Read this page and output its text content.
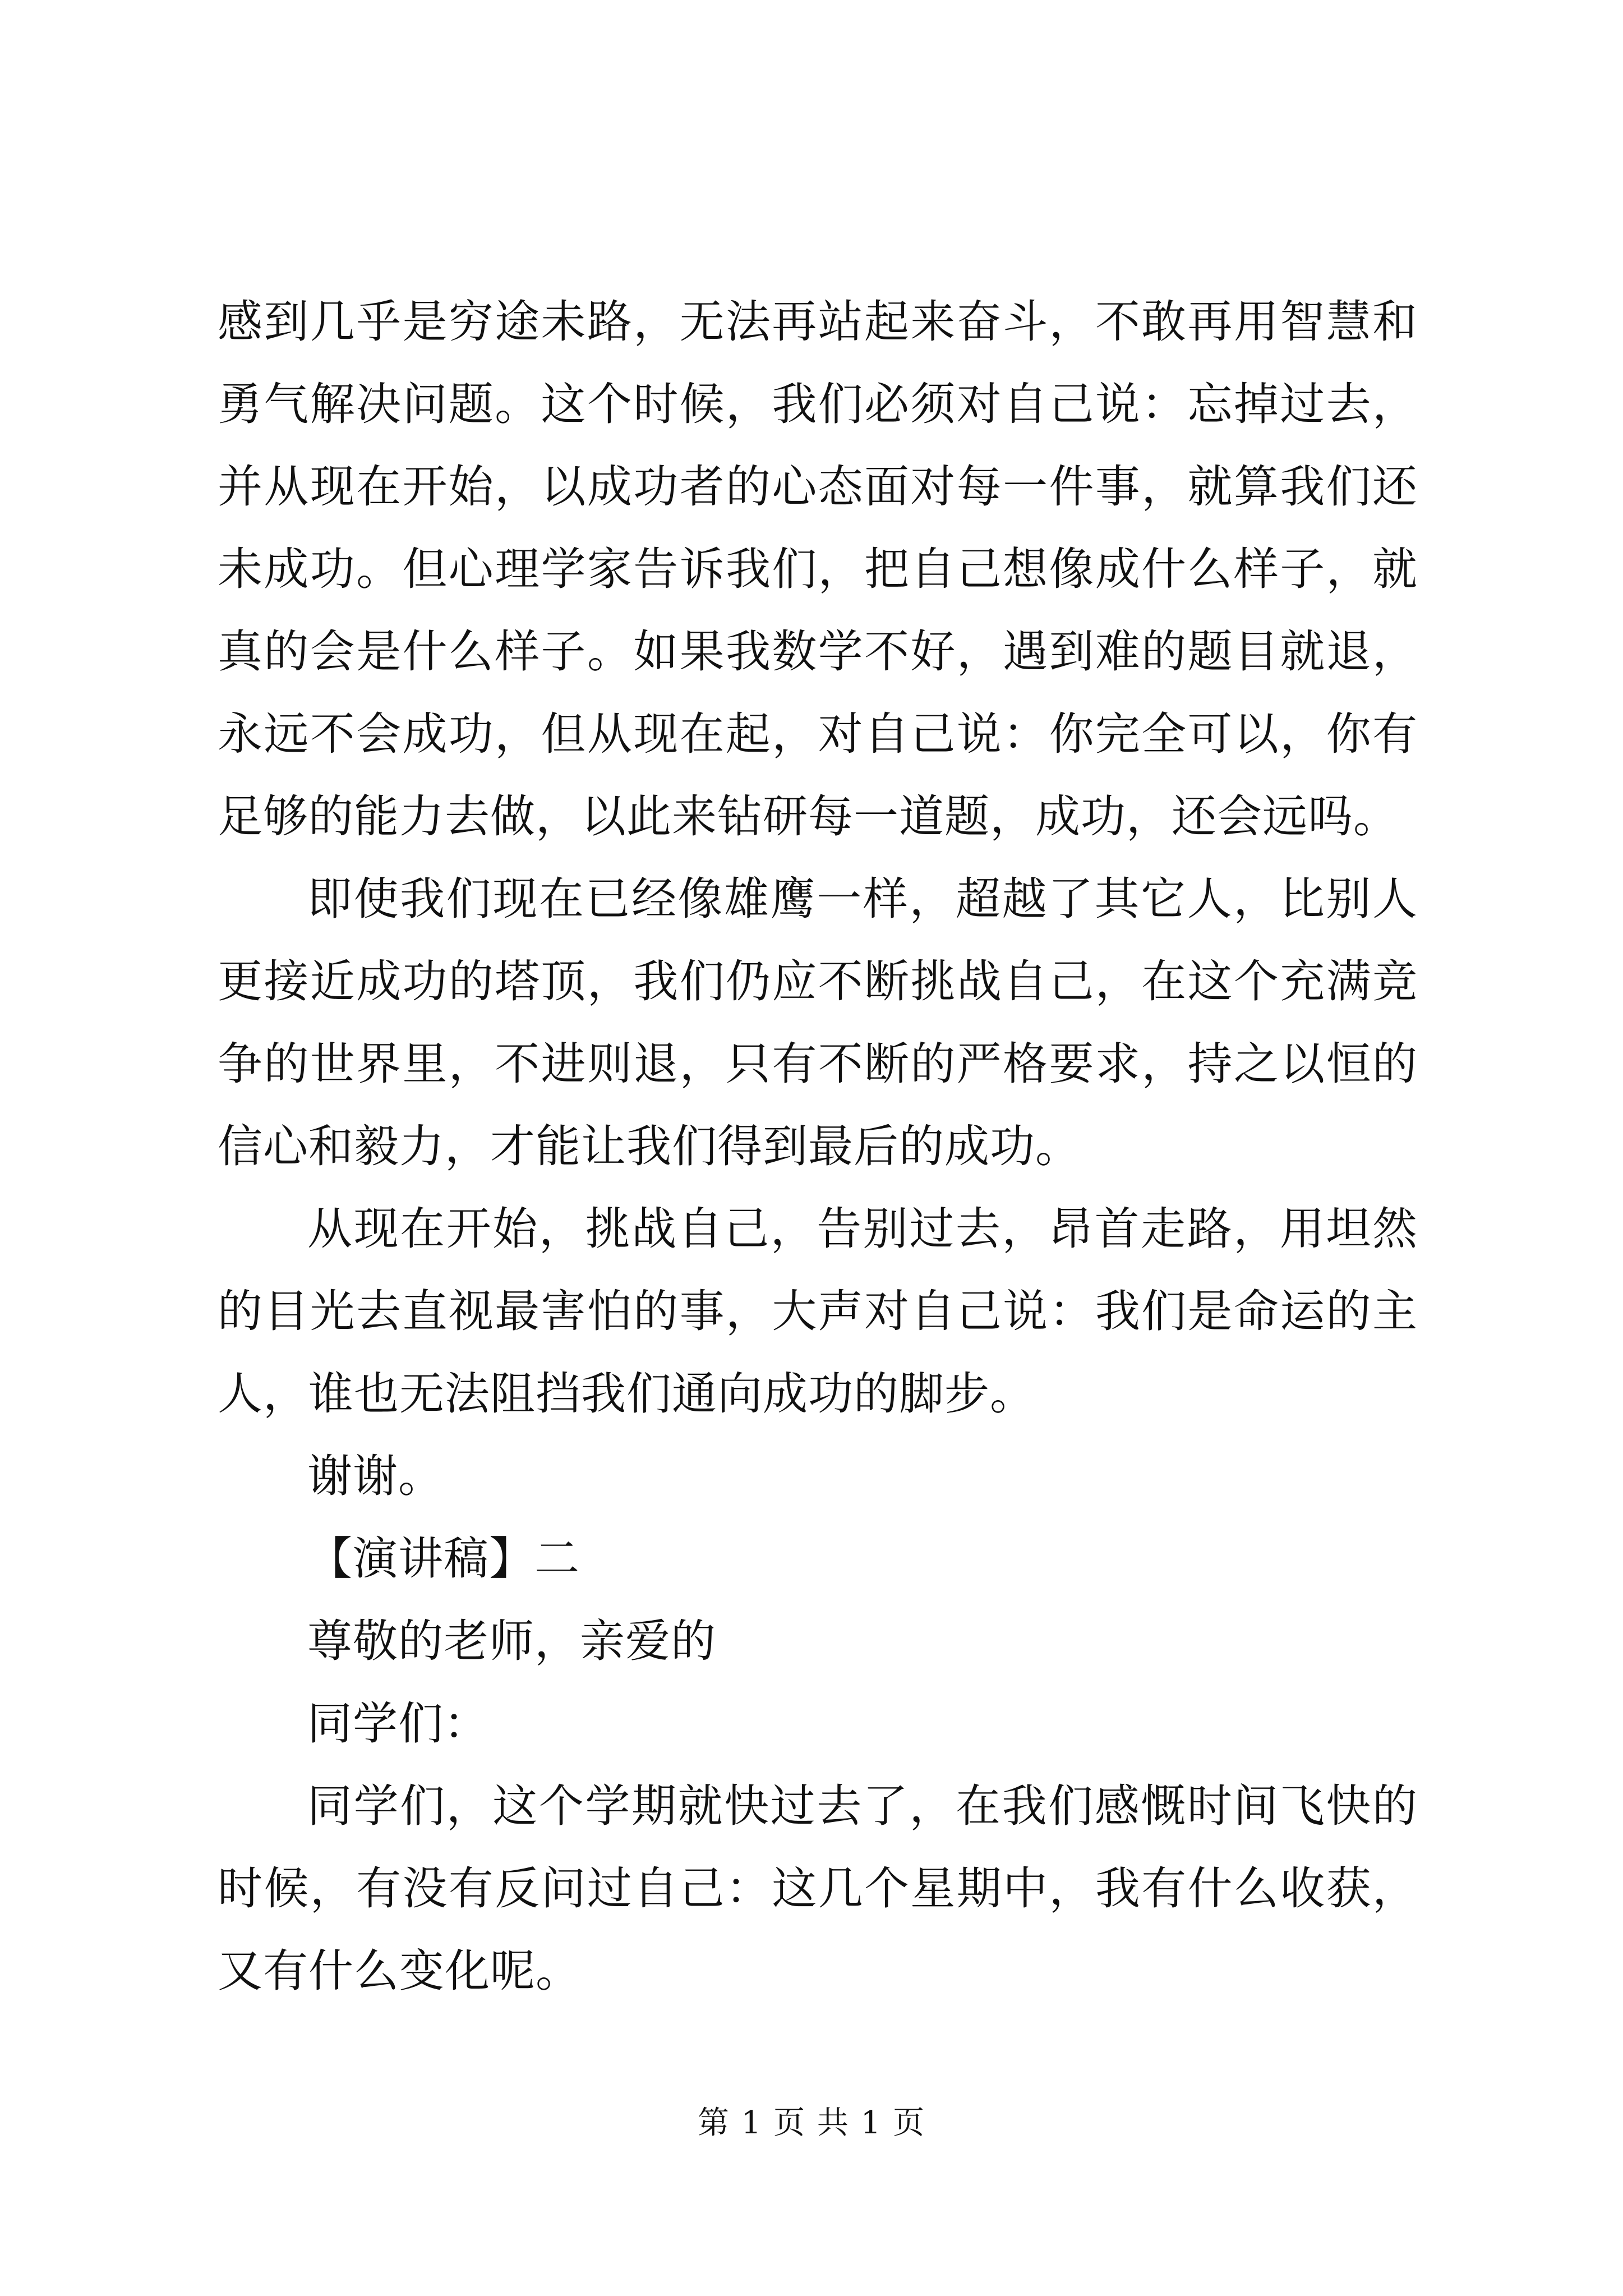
感到几乎是穷途未路，无法再站起来奋斗，不敢再用智慧和勇气解决问题。这个时候，我们必须对自己说：忘掉过去，并从现在开始，以成功者的心态面对每一件事，就算我们还未成功。但心理学家告诉我们，把自己想像成什么样子，就真的会是什么样子。如果我数学不好，遇到难的题目就退，永远不会成功，但从现在起，对自己说：你完全可以，你有足够的能力去做，以此来钻研每一道题，成功，还会远吗。

即使我们现在已经像雄鹰一样，超越了其它人，比别人更接近成功的塔顶，我们仍应不断挑战自己，在这个充满竞争的世界里，不进则退，只有不断的严格要求，持之以恒的信心和毅力，才能让我们得到最后的成功。

从现在开始，挑战自己，告别过去，昂首走路，用坦然的目光去直视最害怕的事，大声对自己说：我们是命运的主人，谁也无法阻挡我们通向成功的脚步。

谢谢。

【演讲稿】二

尊敬的老师，亲爱的

同学们：

同学们，这个学期就快过去了，在我们感慨时间飞快的时候，有没有反问过自己：这几个星期中，我有什么收获，又有什么变化呢。

第 1 页 共 1 页
